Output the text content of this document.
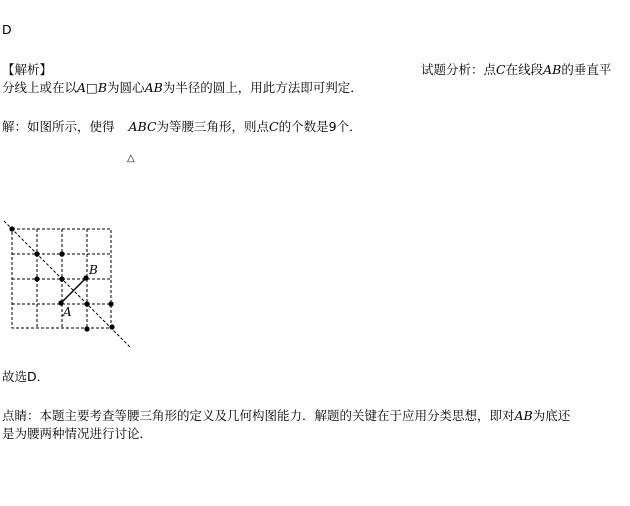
D
【解析】	试题分析：点C在线段AB的垂直平
分线上或在以A□B为圆心AB为半径的圆上，用此方法即可判定．
解：如图所示，使得 ABC为等腰三角形，则点C的个数是9个．
△
B
A
故选D．
点睛：本题主要考查等腰三角形的定义及几何构图能力．解题的关键在于应用分类思想，即对AB为底还
是为腰两种情况进行讨论．
